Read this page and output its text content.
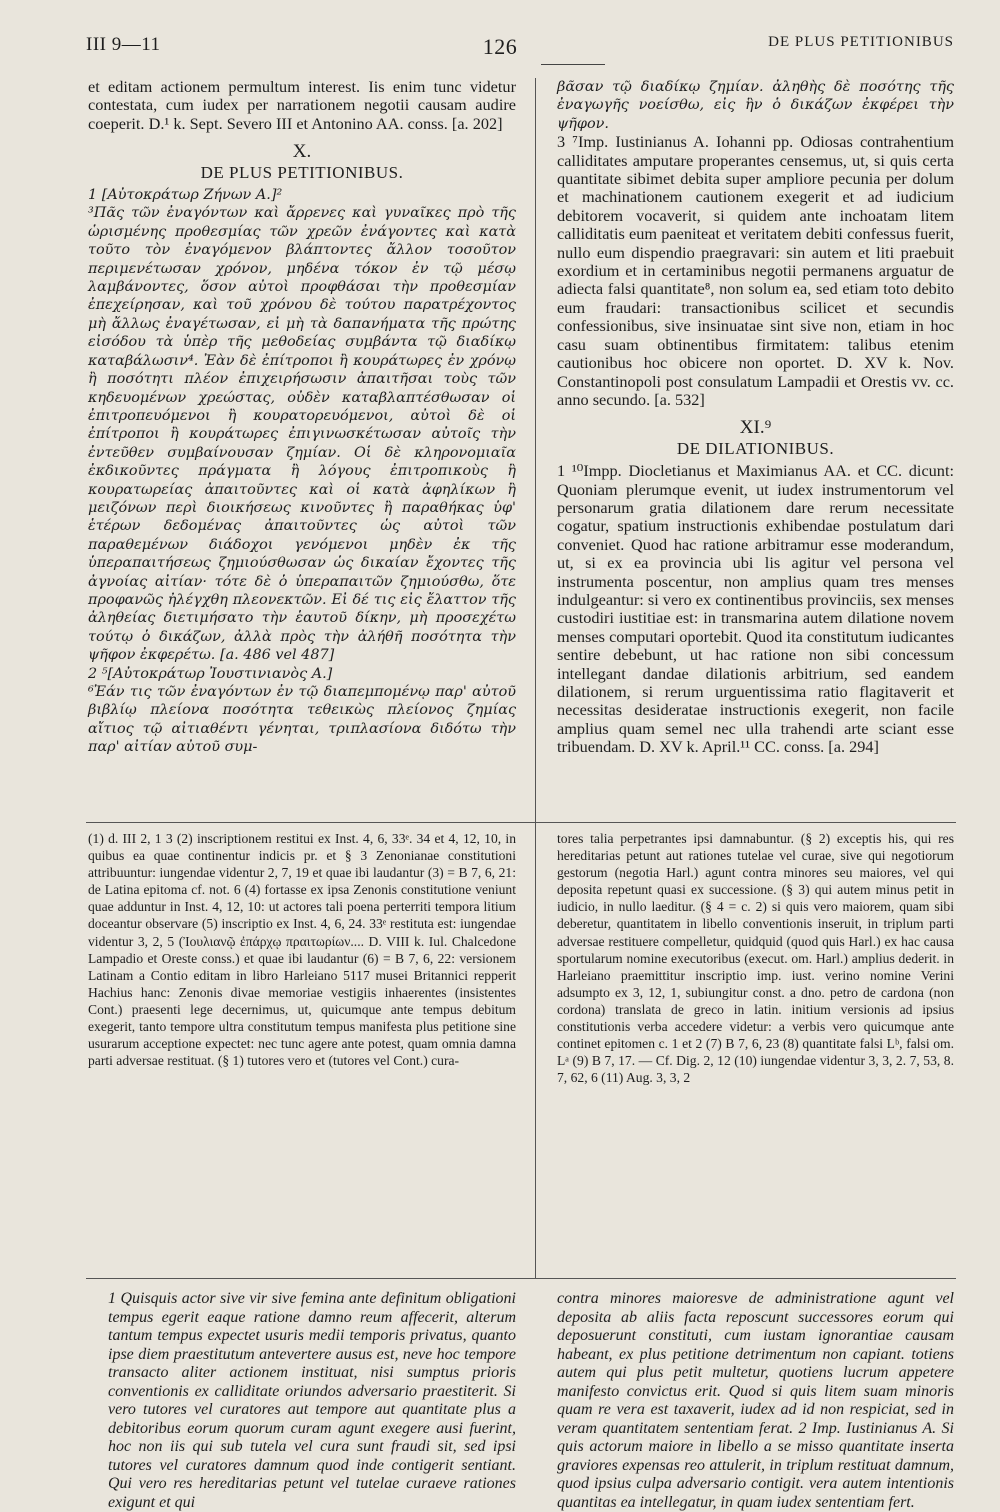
III 9—11	126	DE PLUS PETITIONIBUS

et editam actionem permultum interest. Iis enim tunc videtur contestata, cum iudex per narrationem negotii causam audire coeperit. D.¹ k. Sept. Severo III et Antonino AA. conss. [a. 202]

X.

DE PLUS PETITIONIBUS.

1 [Αὐτοκράτωρ Ζήνων Α.]²

³Πᾶς τῶν ἐναγόντων καὶ ἄρρενες καὶ γυναῖκες πρὸ τῆς ὡρισμένης προθεσμίας τῶν χρεῶν ἐνάγοντες καὶ κατὰ τοῦτο τὸν ἐναγόμενον βλάπτοντες ἄλλον τοσοῦτον περιμενέτωσαν χρόνον, μηδένα τόκον ἐν τῷ μέσῳ λαμβάνοντες, ὅσον αὐτοὶ προφθάσαι τὴν προθεσμίαν ἐπεχείρησαν, καὶ τοῦ χρόνου δὲ τούτου παρατρέχοντος μὴ ἄλλως ἐναγέτωσαν, εἰ μὴ τὰ δαπανήματα τῆς πρώτης εἰσόδου τὰ ὑπὲρ τῆς μεθοδείας συμβάντα τῷ διαδίκῳ καταβάλωσιν⁴. Ἐὰν δὲ ἐπίτροποι ἢ κουράτωρες ἐν χρόνῳ ἢ ποσότητι πλέον ἐπιχειρήσωσιν ἀπαιτῆσαι τοὺς τῶν κηδευομένων χρεώστας, οὐδὲν καταβλαπτέσθωσαν οἱ ἐπιτροπευόμενοι ἢ κουρατορευόμενοι, αὐτοὶ δὲ οἱ ἐπίτροποι ἢ κουράτωρες ἐπιγινωσκέτωσαν αὐτοῖς τὴν ἐντεῦθεν συμβαίνουσαν ζημίαν. Οἱ δὲ κληρονομιαῖα ἐκδικοῦντες πράγματα ἢ λόγους ἐπιτροπικοὺς ἢ κουρατωρείας ἀπαιτοῦντες καὶ οἱ κατὰ ἀφηλίκων ἢ μειζόνων περὶ διοικήσεως κινοῦντες ἢ παραθήκας ὑφ' ἑτέρων δεδομένας ἀπαιτοῦντες ὡς αὐτοὶ τῶν παραθεμένων διάδοχοι γενόμενοι μηδὲν ἐκ τῆς ὑπεραπαιτήσεως ζημιούσθωσαν ὡς δικαίαν ἔχοντες τῆς ἀγνοίας αἰτίαν· τότε δὲ ὁ ὑπεραπαιτῶν ζημιούσθω, ὅτε προφανῶς ἠλέγχθη πλεονεκτῶν. Εἰ δέ τις εἰς ἔλαττον τῆς ἀληθείας διετιμήσατο τὴν ἑαυτοῦ δίκην, μὴ προσεχέτω τούτῳ ὁ δικάζων, ἀλλὰ πρὸς τὴν ἀλήθῆ ποσότητα τὴν ψῆφον ἐκφερέτω. [a. 486 vel 487]

2 ⁵[Αὐτοκράτωρ Ἰουστινιανὸς Α.]

⁶Ἐάν τις τῶν ἐναγόντων ἐν τῷ διαπεμπομένῳ παρ' αὐτοῦ βιβλίῳ πλείονα ποσότητα τεθεικὼς πλείονος ζημίας αἴτιος τῷ αἰτιαθέντι γένηται, τριπλασίονα διδότω τὴν παρ' αἰτίαν αὐτοῦ συμ-

βᾶσαν τῷ διαδίκῳ ζημίαν. ἀληθὴς δὲ ποσότης τῆς ἐναγωγῆς νοείσθω, εἰς ἣν ὁ δικάζων ἐκφέρει τὴν ψῆφον.

3 ⁷Imp. Iustinianus A. Iohanni pp. Odiosas contrahentium calliditates amputare properantes censemus, ut, si quis certa quantitate sibimet debita super ampliore pecunia per dolum et machinationem cautionem exegerit et ad iudicium debitorem vocaverit, si quidem ante inchoatam litem calliditatis eum paeniteat et veritatem debiti confessus fuerit, nullo eum dispendio praegravari: sin autem et liti praebuit exordium et in certaminibus negotii permanens arguatur de adiecta falsi quantitate⁸, non solum ea, sed etiam toto debito eum fraudari: transactionibus scilicet et secundis confessionibus, sive insinuatae sint sive non, etiam in hoc casu suam obtinentibus firmitatem: talibus etenim cautionibus hoc obicere non oportet. D. XV k. Nov. Constantinopoli post consulatum Lampadii et Orestis vv. cc. anno secundo. [a. 532]

XI.⁹

DE DILATIONIBUS.

1 ¹⁰Impp. Diocletianus et Maximianus AA. et CC. dicunt: Quoniam plerumque evenit, ut iudex instrumentorum vel personarum gratia dilationem dare rerum necessitate cogatur, spatium instructionis exhibendae postulatum dari conveniet. Quod hac ratione arbitramur esse moderandum, ut, si ex ea provincia ubi lis agitur vel persona vel instrumenta poscentur, non amplius quam tres menses indulgeantur: si vero ex continentibus provinciis, sex menses custodiri iustitiae est: in transmarina autem dilatione novem menses computari oportebit. Quod ita constitutum iudicantes sentire debebunt, ut hac ratione non sibi concessum intellegant dandae dilationis arbitrium, sed eandem dilationem, si rerum urguentissima ratio flagitaverit et necessitas desideratae instructionis exegerit, non facile amplius quam semel nec ulla trahendi arte sciant esse tribuendam. D. XV k. April.¹¹ CC. conss. [a. 294]

(1) d. III 2, 1 3 (2) inscriptionem restitui ex Inst. 4, 6, 33ᵉ. 34 et 4, 12, 10, in quibus ea quae continentur indicis pr. et § 3 Zenonianae constitutioni attribuuntur: iungendae videntur 2, 7, 19 et quae ibi laudantur (3) = B 7, 6, 21: de Latina epitoma cf. not. 6 (4) fortasse ex ipsa Zenonis constitutione veniunt quae adduntur in Inst. 4, 12, 10: ut actores tali poena perterriti tempora litium doceantur observare (5) inscriptio ex Inst. 4, 6, 24. 33ᵉ restituta est: iungendae videntur 3, 2, 5 (Ἰουλιανῷ ἐπάρχῳ πραιτωρίων.... D. VIII k. Iul. Chalcedone Lampadio et Oreste conss.) et quae ibi laudantur (6) = B 7, 6, 22: versionem Latinam a Contio editam in libro Harleiano 5117 musei Britannici repperit Hachius hanc: Zenonis divae memoriae vestigiis inhaerentes (insistentes Cont.) praesenti lege decernimus, ut, quicumque ante tempus debitum exegerit, tanto tempore ultra constitutum tempus manifesta plus petitione sine usurarum acceptione expectet: nec tunc agere ante potest, quam omnia damna parti adversae restituat. (§ 1) tutores vero et (tutores vel Cont.) cura-

tores talia perpetrantes ipsi damnabuntur. (§ 2) exceptis his, qui res hereditarias petunt aut rationes tutelae vel curae, sive qui negotiorum gestorum (negotia Harl.) agunt contra minores seu maiores, vel qui deposita repetunt quasi ex successione. (§ 3) qui autem minus petit in iudicio, in nullo laeditur. (§ 4 = c. 2) si quis vero maiorem, quam sibi deberetur, quantitatem in libello conventionis inseruit, in triplum parti adversae restituere compelletur, quidquid (quod quis Harl.) ex hac causa sportularum nomine executoribus (execut. om. Harl.) amplius dederit. in Harleiano praemittitur inscriptio imp. iust. verino nomine Verini adsumpto ex 3, 12, 1, subiungitur const. a dno. petro de cardona (non cordona) translata de greco in latin. initium versionis ad ipsius constitutionis verba accedere videtur: a verbis vero quicumque ante continet epitomen c. 1 et 2 (7) B 7, 6, 23 (8) quantitate falsi Lᵇ, falsi om. Lᵃ (9) B 7, 17. — Cf. Dig. 2, 12 (10) iungendae videntur 3, 3, 2. 7, 53, 8. 7, 62, 6 (11) Aug. 3, 3, 2

1 Quisquis actor sive vir sive femina ante definitum obligationi tempus egerit eaque ratione damno reum affecerit, alterum tantum tempus expectet usuris medii temporis privatus, quanto ipse diem praestitutum antevertere ausus est, neve hoc tempore transacto aliter actionem instituat, nisi sumptus prioris conventionis ex calliditate oriundos adversario praestiterit. Si vero tutores vel curatores aut tempore aut quantitate plus a debitoribus eorum quorum curam agunt exegere ausi fuerint, hoc non iis qui sub tutela vel cura sunt fraudi sit, sed ipsi tutores vel curatores damnum quod inde contigerit sentiant. Qui vero res hereditarias petunt vel tutelae curaeve rationes exigunt et qui

contra minores maioresve de administratione agunt vel deposita ab aliis facta reposcunt successores eorum qui deposuerunt constituti, cum iustam ignorantiae causam habeant, ex plus petitione detrimentum non capiant. totiens autem qui plus petit multetur, quotiens lucrum appetere manifesto convictus erit. Quod si quis litem suam minoris quam re vera est taxaverit, iudex ad id non respiciat, sed in veram quantitatem sententiam ferat. 2 Imp. Iustinianus A. Si quis actorum maiore in libello a se misso quantitate inserta graviores expensas reo attulerit, in triplum restituat damnum, quod ipsius culpa adversario contigit. vera autem intentionis quantitas ea intellegatur, in quam iudex sententiam fert.
